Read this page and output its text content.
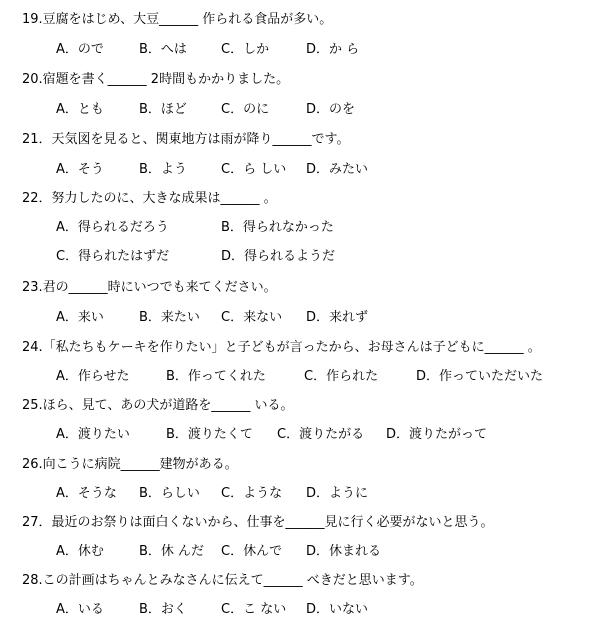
19.豆腐をはじめ、大豆______ 作られる食品が多い。
A．ので	B．へは	C．しか	D．か ら
20.宿題を書く______ 2時間もかかりました。
A．とも	B．ほど	C．のに	D．のを
21．天気図を見ると、関東地方は雨が降り______です。
A．そう	B．よう	C．ら しい D．みたい
22．努力したのに、大きな成果は______ 。
A．得られるだろう	B．得られなかった
C．得られたはずだ	D．得られるようだ
23.君の______時にいつでも来てください。
A．来い	B．来たい C．来ない D．来れず
24.「私たちもケーキを作りたい」と子どもが言ったから、お母さんは子どもに______ 。
A．作らせた	B．作ってくれた	C．作られた	D．作っていただいた
25.ほら、見て、あの犬が道路を______ いる。
A．渡りたい	B．渡りたくて C．渡りたがる D．渡りたがって
26.向こうに病院______建物がある。
A．そうな B．らしい C．ような D．ように
27．最近のお祭りは面白くないから、仕事を______見に行く必要がないと思う。
A．休む	B．休 んだ C．休んで D．休まれる
28.この計画はちゃんとみなさんに伝えて______ べきだと思います。
A．いる	B．おく	C．こ ない D．いない
